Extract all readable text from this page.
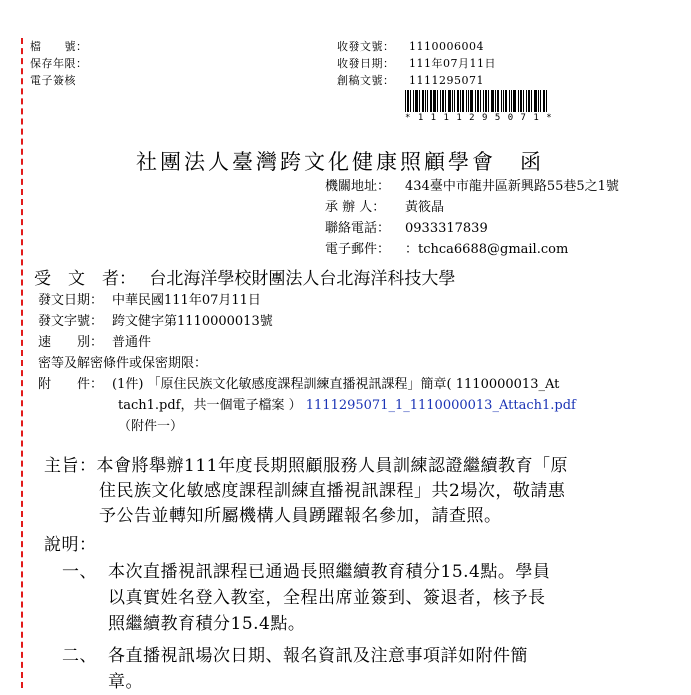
檔　　號：
保存年限：
電子簽核
收發文號： 1110006004
收發日期： 111年07月11日
創稿文號： 1111295071
* 1 1 1 1 2 9 5 0 7 1 *
社團法人臺灣跨文化健康照顧學會　函
機關地址： 434臺中市龍井區新興路55巷5之1號
承 辦 人： 黃筱晶
聯絡電話： 0933317839
電子郵件： ：tchca6688@gmail.com
受　文　者： 台北海洋學校財團法人台北海洋科技大學
發文日期： 中華民國111年07月11日
發文字號： 跨文健字第1110000013號
速　　別： 普通件
密等及解密條件或保密期限：
附　　件： (1件) 「原住民族文化敏感度課程訓練直播視訊課程」簡章( 1110000013_At
tach1.pdf，共一個電子檔案 ） 1111295071_1_1110000013_Attach1.pdf
（附件一）
主旨：本會將舉辦111年度長期照顧服務人員訓練認證繼續教育「原
住民族文化敏感度課程訓練直播視訊課程」共2場次，敬請惠
予公告並轉知所屬機構人員踴躍報名參加，請查照。
說明：
一、 本次直播視訊課程已通過長照繼續教育積分15.4點。學員
以真實姓名登入教室，全程出席並簽到、簽退者，核予長
照繼續教育積分15.4點。
二、 各直播視訊場次日期、報名資訊及注意事項詳如附件簡
章。
